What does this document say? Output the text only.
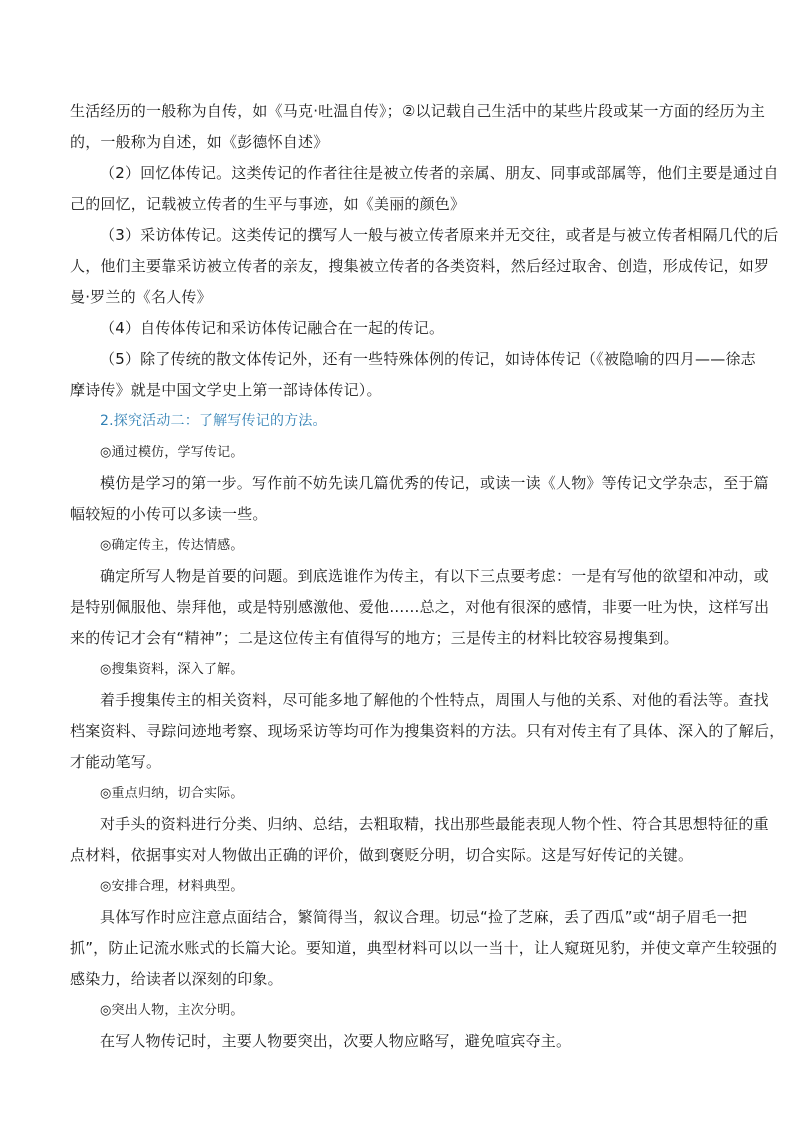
生活经历的一般称为自传，如《马克·吐温自传》；②以记载自己生活中的某些片段或某一方面的经历为主
的，一般称为自述，如《彭德怀自述》
（2）回忆体传记。这类传记的作者往往是被立传者的亲属、朋友、同事或部属等，他们主要是通过自
己的回忆，记载被立传者的生平与事迹，如《美丽的颜色》
（3）采访体传记。这类传记的撰写人一般与被立传者原来并无交往，或者是与被立传者相隔几代的后
人，他们主要靠采访被立传者的亲友，搜集被立传者的各类资料，然后经过取舍、创造，形成传记，如罗
曼·罗兰的《名人传》
（4）自传体传记和采访体传记融合在一起的传记。
（5）除了传统的散文体传记外，还有一些特殊体例的传记，如诗体传记（《被隐喻的四月——徐志
摩诗传》就是中国文学史上第一部诗体传记）。
2.探究活动二：了解写传记的方法。
◎通过模仿，学写传记。
模仿是学习的第一步。写作前不妨先读几篇优秀的传记，或读一读《人物》等传记文学杂志，至于篇
幅较短的小传可以多读一些。
◎确定传主，传达情感。
确定所写人物是首要的问题。到底选谁作为传主，有以下三点要考虑：一是有写他的欲望和冲动，或
是特别佩服他、崇拜他，或是特别感激他、爱他……总之，对他有很深的感情，非要一吐为快，这样写出
来的传记才会有“精神”；二是这位传主有值得写的地方；三是传主的材料比较容易搜集到。
◎搜集资料，深入了解。
着手搜集传主的相关资料，尽可能多地了解他的个性特点，周围人与他的关系、对他的看法等。查找
档案资料、寻踪问迹地考察、现场采访等均可作为搜集资料的方法。只有对传主有了具体、深入的了解后，
才能动笔写。
◎重点归纳，切合实际。
对手头的资料进行分类、归纳、总结，去粗取精，找出那些最能表现人物个性、符合其思想特征的重
点材料，依据事实对人物做出正确的评价，做到褒贬分明，切合实际。这是写好传记的关键。
◎安排合理，材料典型。
具体写作时应注意点面结合，繁简得当，叙议合理。切忌“捡了芝麻，丢了西瓜”或“胡子眉毛一把
抓”，防止记流水账式的长篇大论。要知道，典型材料可以以一当十，让人窥斑见豹，并使文章产生较强的
感染力，给读者以深刻的印象。
◎突出人物，主次分明。
在写人物传记时，主要人物要突出，次要人物应略写，避免喧宾夺主。
